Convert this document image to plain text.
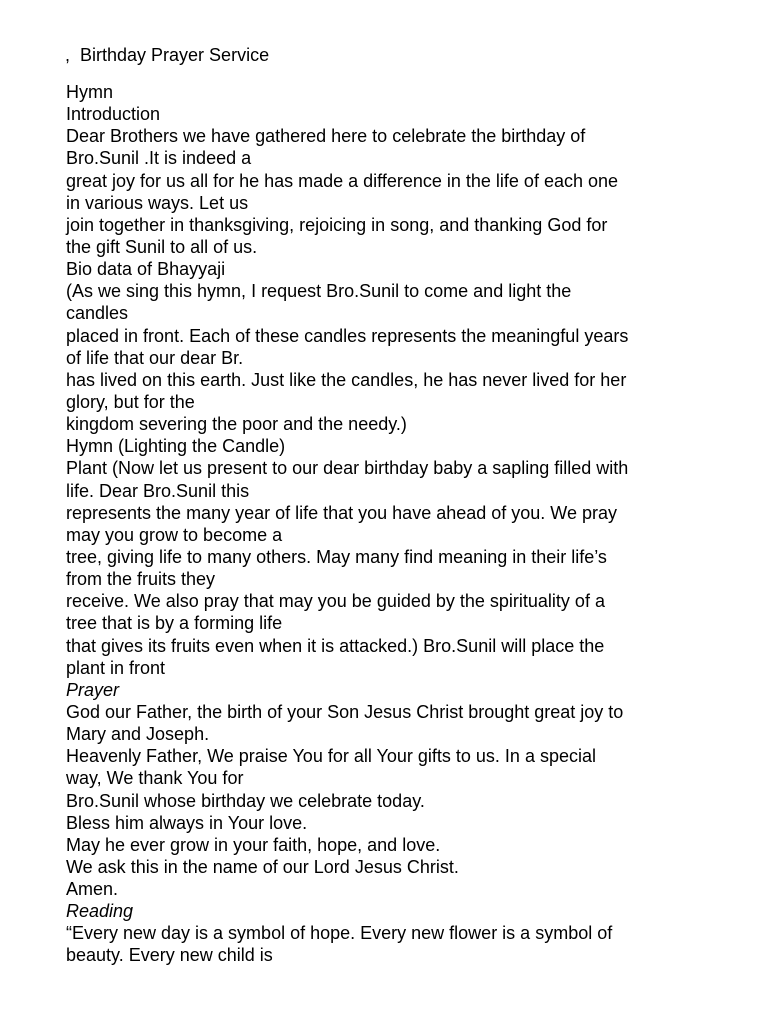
,  Birthday Prayer Service
Hymn
Introduction
Dear Brothers we have gathered here to celebrate the birthday of
Bro.Sunil .It is indeed a
great joy for us all for he has made a difference in the life of each one
in various ways. Let us
join together in thanksgiving, rejoicing in song, and thanking God for
the gift Sunil to all of us.
Bio data of Bhayyaji
(As we sing this hymn, I request Bro.Sunil to come and light the
candles
placed in front. Each of these candles represents the meaningful years
of life that our dear Br.
has lived on this earth. Just like the candles, he has never lived for her
glory, but for the
kingdom severing the poor and the needy.)
Hymn (Lighting the Candle)
Plant (Now let us present to our dear birthday baby a sapling filled with
life. Dear Bro.Sunil this
represents the many year of life that you have ahead of you. We pray
may you grow to become a
tree, giving life to many others. May many find meaning in their life’s
from the fruits they
receive. We also pray that may you be guided by the spirituality of a
tree that is by a forming life
that gives its fruits even when it is attacked.) Bro.Sunil will place the
plant in front
Prayer
God our Father, the birth of your Son Jesus Christ brought great joy to
Mary and Joseph.
Heavenly Father, We praise You for all Your gifts to us. In a special
way, We thank You for
Bro.Sunil whose birthday we celebrate today.
Bless him always in Your love.
May he ever grow in your faith, hope, and love.
We ask this in the name of our Lord Jesus Christ.
Amen.
Reading
“Every new day is a symbol of hope. Every new flower is a symbol of
beauty. Every new child is
